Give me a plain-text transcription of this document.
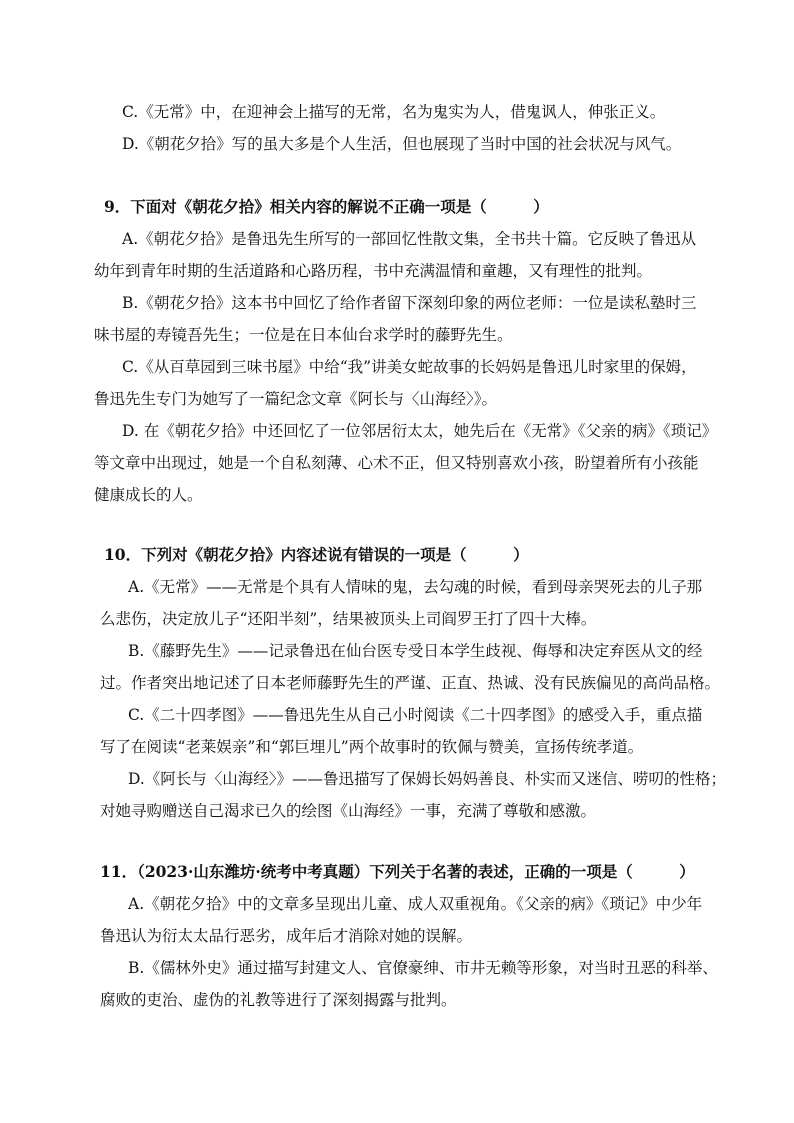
C.《无常》中，在迎神会上描写的无常，名为鬼实为人，借鬼讽人，伸张正义。
D.《朝花夕拾》写的虽大多是个人生活，但也展现了当时中国的社会状况与风气。
9．下面对《朝花夕拾》相关内容的解说不正确一项是（　　　）
A.《朝花夕拾》是鲁迅先生所写的一部回忆性散文集，全书共十篇。它反映了鲁迅从
幼年到青年时期的生活道路和心路历程，书中充满温情和童趣，又有理性的批判。
B.《朝花夕拾》这本书中回忆了给作者留下深刻印象的两位老师：一位是读私塾时三
味书屋的寿镜吾先生；一位是在日本仙台求学时的藤野先生。
C.《从百草园到三味书屋》中给“我”讲美女蛇故事的长妈妈是鲁迅儿时家里的保姆，
鲁迅先生专门为她写了一篇纪念文章《阿长与〈山海经〉》。
D. 在《朝花夕拾》中还回忆了一位邻居衍太太，她先后在《无常》《父亲的病》《琐记》
等文章中出现过，她是一个自私刻薄、心术不正，但又特别喜欢小孩，盼望着所有小孩能
健康成长的人。
10．下列对《朝花夕拾》内容述说有错误的一项是（　　　）
A.《无常》——无常是个具有人情味的鬼，去勾魂的时候，看到母亲哭死去的儿子那
么悲伤，决定放儿子“还阳半刻”，结果被顶头上司阎罗王打了四十大棒。
B.《藤野先生》——记录鲁迅在仙台医专受日本学生歧视、侮辱和决定弃医从文的经
过。作者突出地记述了日本老师藤野先生的严谨、正直、热诚、没有民族偏见的高尚品格。
C.《二十四孝图》——鲁迅先生从自己小时阅读《二十四孝图》的感受入手，重点描
写了在阅读“老莱娱亲”和“郭巨埋儿”两个故事时的钦佩与赞美，宣扬传统孝道。
D.《阿长与〈山海经〉》——鲁迅描写了保姆长妈妈善良、朴实而又迷信、唠叨的性格；
对她寻购赠送自己渴求已久的绘图《山海经》一事，充满了尊敬和感激。
11．（2023·山东潍坊·统考中考真题）下列关于名著的表述，正确的一项是（　　　）
A.《朝花夕拾》中的文章多呈现出儿童、成人双重视角。《父亲的病》《琐记》中少年
鲁迅认为衍太太品行恶劣，成年后才消除对她的误解。
B.《儒林外史》通过描写封建文人、官僚豪绅、市井无赖等形象，对当时丑恶的科举、
腐败的吏治、虚伪的礼教等进行了深刻揭露与批判。
